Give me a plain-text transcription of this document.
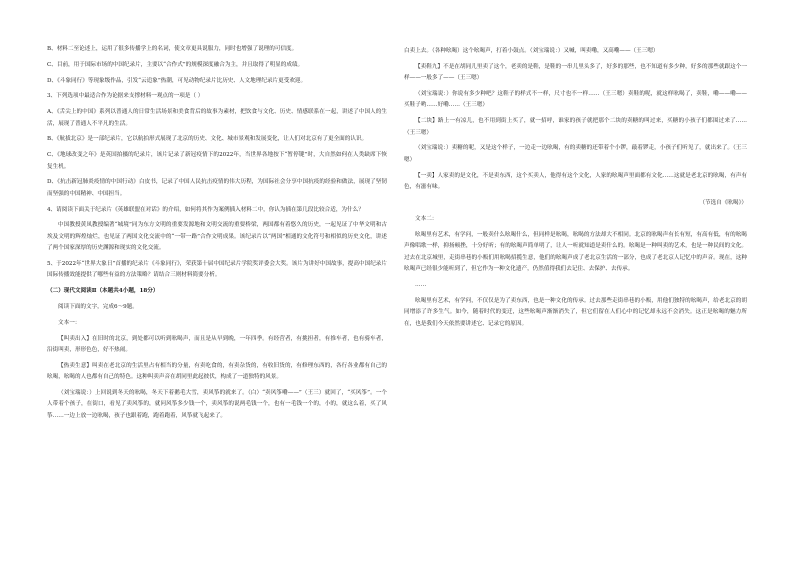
B、材料二至论述上，运用了很多传播学上的名词，使文章更具说服力，同时也增强了说理的可信度。

C、目前，用于国际市场的中国纪录片，主要以“合作式”的规模深度融合为主，并且取得了明显的成绩。

D、《斗象同行》等现象级作品，引发“云追象”热潮，可见动物纪录片比历史、人文地理纪录片更受欢迎。

3、下列选项中最适合作为论据来支撑材料一观点的一项是（ ）

A、《舌尖上的中国》系列以普通人的日常生活场景和美食背后的故事为素材，把饮食与文化、历史、情感联系在一起，讲述了中国人的生活，展现了普通人不平凡的生活。

B、《航拔北京》是一部纪录片，它以航拍形式展现了北京的历史、文化、城市景观和发展变化，让人们对北京有了更全面的认识。

C、《地球改变之年》是英国拍摄的纪录片，该片记录了新冠疫情下的2022年，当世界各地按下“暂停键”时，大自然如何在人类缺席下恢复生机。

D、《抗击新冠肺炎疫情的中国行动》白皮书，记录了中国人民抗击疫情的伟大历程，为国际社会分享中国抗疫的经验和做法，展现了坚韧而坚强的中国精神、中国担当。

4、请阅读下面关于纪录片《英雄联盟在对话》的介绍，如何将其作为案例插入材料二中，你认为插在第几段比较合适，为什么？

中国教授黄凤教授编著“城境”同为东方文明的重要发源地和文明交流的重要桥梁，两国都有着悠久的历史，一起见证了中华文明和古埃及文明的辉煌灿烂，也见证了两国文化交流中的“一带一路”合作文明成果。该纪录片以“两国”相通的文化符号和相似的历史文化，讲述了两个国家深厚的历史渊源和现实的文化交流。

5、于2022年“世界大象日”首播的纪录片《斗象同行》，荣获第十届中国纪录片学院奖评委会大奖。该片为讲好中国故事，提高中国纪录片国际传播效能提供了哪些有益的方法策略？请结合三则材料简要分析。

（二）现代文阅读Ⅱ（本题共4小题，18分）

阅读下面的文字，完成6～9题。

文本一：

【叫卖出入】在旧时的北京，到处都可以听到吆喝声，而且是从早到晚，一年四季。有经营者，有挑担者，有推车者，也有骑车者，沿街叫卖，形形色色，好不热闹。

【热卖生意】叫卖在老北京的生活里占有相当的分量，有卖吃食的，有卖杂货的，有收旧货的，有修理东西的，各行各业都有自己的吆喝，吆喝的人也都有自己的特色。这种叫卖声音在胡同里此起彼伏，构成了一道独特的风景。

（刘宝瑞说：）上回说到冬天的吆喝，冬天下着鹅毛大雪，卖风筝的就来了。（白）“卖风筝嘞——”（王三）就回了，“买风筝”。一个人带着个孩子，在街口，看见了卖风筝的，就问风筝多少钱一个，卖风筝的说两毛钱一个，也有一毛钱一个的，小的，就这么着，买了风筝……一边上放一边吆喝，孩子也跟着跑，跑着跑着，风筝就飞起来了。

白卖上去。（各种吆喝）这个吆喝声，打着小鼓点。（刘宝瑞说：）又喊，叫卖嘞，又高嘞——（王三嗯）

【卖鞋九】不是在胡同儿里卖了这个，老卖的是鞋，是鞋的一串儿里头多了，好多的那些，也不知道有多少种，好多的那些就跟这个一样——一般多了——（王三嗯）

（刘宝瑞说：）你说有多少种吧？这鞋子的样式不一样，尺寸也不一样……（王三嗯）卖鞋的呢，就这样吆喝了，卖鞋，嘞——嘞——买鞋子哟……好嘞……（王三嗯）

【二块】路上一有凉儿，也不用到街上买了，就一招呼，谁家的孩子就把那个二块的卖糖的叫过来，买糖的小孩子们都围过来了……（王三嗯）

（刘宝瑞说：）卖糖的呢，又是这个样子，一边走一边吆喝，有的卖糖的还带着个小锣，敲着锣走，小孩子们听见了，就出来了。（王三嗯）

【一卖】人家卖的是文化，不是卖东西，这个买卖人，他得有这个文化，人家的吆喝声里面都有文化……这就是老北京的吆喝，有声有色，有滋有味。

（节选自《吆喝》）

文本二：

吆喝里有艺术，有学问，一般卖什么吆喝什么，但同样是吆喝，吆喝的方法却大不相同。北京的吆喝声有长有短，有高有低，有的吆喝声像唱歌一样，抑扬顿挫，十分好听；有的吆喝声简单明了，让人一听就知道是卖什么的。吆喝是一种叫卖的艺术，也是一种民间的文化。过去在北京城里，走街串巷的小贩们用吆喝招揽生意，他们的吆喝声成了老北京生活的一部分，也成了老北京人记忆中的声音。现在，这种吆喝声已经很少能听到了，但它作为一种文化遗产，仍然值得我们去记住、去保护、去传承。

……

吆喝里有艺术，有学问，不仅仅是为了卖东西，也是一种文化的传承。过去那些走街串巷的小贩，用他们独特的吆喝声，给老北京的胡同增添了许多生气。如今，随着时代的变迁，这些吆喝声渐渐消失了，但它们留在人们心中的记忆却永远不会消失。这正是吆喝的魅力所在，也是我们今天依然要讲述它、记录它的原因。
